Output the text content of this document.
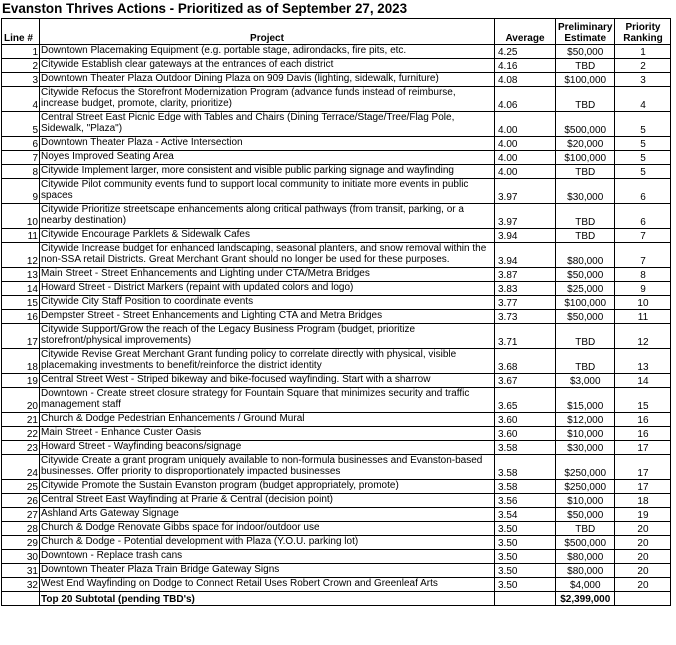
Evanston Thrives Actions - Prioritized as of September 27, 2023
Line #	Project	Average	Preliminary Estimate	Priority Ranking
1	Downtown Placemaking Equipment (e.g. portable stage, adirondacks, fire pits, etc.	4.25	$50,000	1
2	Citywide Establish clear gateways at the entrances of each district	4.16	TBD	2
3	Downtown Theater Plaza Outdoor Dining Plaza on 909 Davis (lighting, sidewalk, furniture)	4.08	$100,000	3
4	Citywide Refocus the Storefront Modernization Program (advance funds instead of reimburse, increase budget, promote, clarity, prioritize)	4.06	TBD	4
5	Central Street East Picnic Edge with Tables and Chairs (Dining Terrace/Stage/Tree/Flag Pole, Sidewalk, "Plaza")	4.00	$500,000	5
6	Downtown Theater Plaza - Active Intersection	4.00	$20,000	5
7	Noyes Improved Seating Area	4.00	$100,000	5
8	Citywide Implement larger, more consistent and visible public parking signage and wayfinding	4.00	TBD	5
9	Citywide Pilot community events fund to support local community to initiate more events in public spaces	3.97	$30,000	6
10	Citywide Prioritize streetscape enhancements along critical pathways (from transit, parking, or a nearby destination)	3.97	TBD	6
11	Citywide Encourage Parklets & Sidewalk Cafes	3.94	TBD	7
12	Citywide Increase budget for enhanced landscaping, seasonal planters, and snow removal within the non-SSA retail Districts. Great Merchant Grant should no longer be used for these purposes.	3.94	$80,000	7
13	Main Street - Street Enhancements and Lighting under CTA/Metra Bridges	3.87	$50,000	8
14	Howard Street - District Markers (repaint with updated colors and logo)	3.83	$25,000	9
15	Citywide City Staff Position to coordinate events	3.77	$100,000	10
16	Dempster Street - Street Enhancements and Lighting CTA and Metra Bridges	3.73	$50,000	11
17	Citywide Support/Grow the reach of the Legacy Business Program (budget, prioritize storefront/physical improvements)	3.71	TBD	12
18	Citywide Revise Great Merchant Grant funding policy to correlate directly with physical, visible placemaking investments to benefit/reinforce the district identity	3.68	TBD	13
19	Central Street West - Striped bikeway and bike-focused wayfinding. Start with a sharrow	3.67	$3,000	14
20	Downtown - Create street closure strategy for Fountain Square that minimizes security and traffic management staff	3.65	$15,000	15
21	Church & Dodge Pedestrian Enhancements / Ground Mural	3.60	$12,000	16
22	Main Street - Enhance Custer Oasis	3.60	$10,000	16
23	Howard Street - Wayfinding beacons/signage	3.58	$30,000	17
24	Citywide Create a grant program uniquely available to non-formula businesses and Evanston-based businesses. Offer priority to disproportionately impacted businesses	3.58	$250,000	17
25	Citywide Promote the Sustain Evanston program (budget appropriately, promote)	3.58	$250,000	17
26	Central Street East Wayfinding at Prarie & Central (decision point)	3.56	$10,000	18
27	Ashland Arts Gateway Signage	3.54	$50,000	19
28	Church & Dodge Renovate Gibbs space for indoor/outdoor use	3.50	TBD	20
29	Church & Dodge - Potential development with Plaza (Y.O.U. parking lot)	3.50	$500,000	20
30	Downtown - Replace trash cans	3.50	$80,000	20
31	Downtown Theater Plaza Train Bridge Gateway Signs	3.50	$80,000	20
32	West End Wayfinding on Dodge to Connect Retail Uses Robert Crown and Greenleaf Arts	3.50	$4,000	20
	Top 20 Subtotal (pending TBD's)		$2,399,000	
